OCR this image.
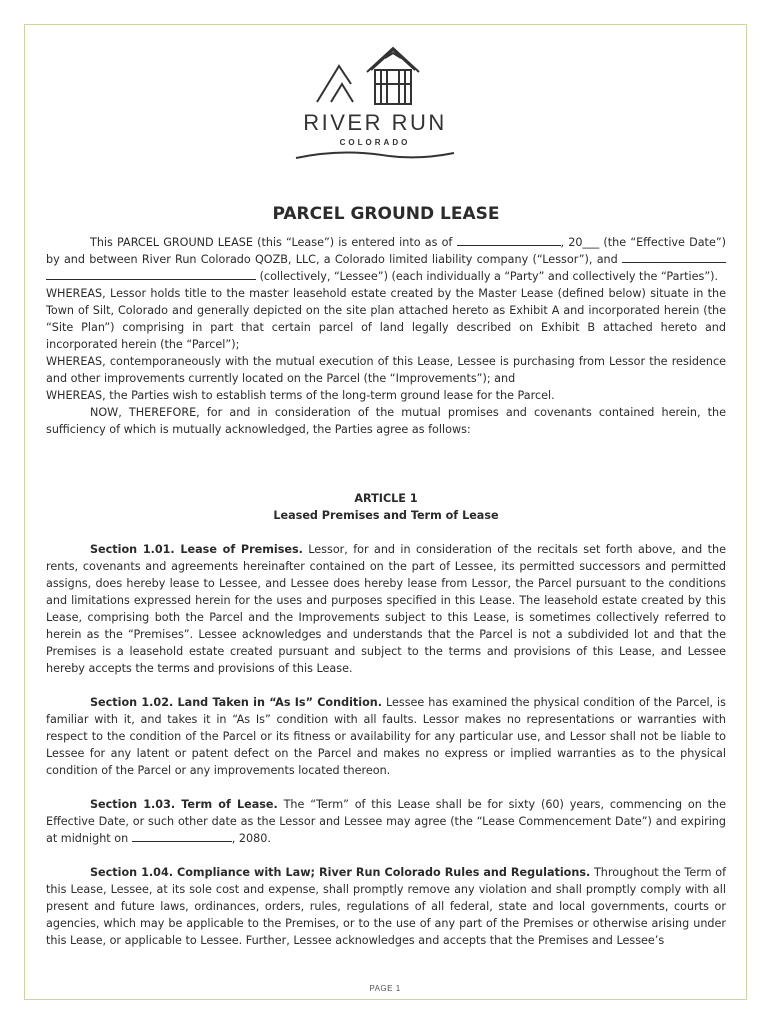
RIVER RUN
COLORADO
PARCEL GROUND LEASE

This PARCEL GROUND LEASE (this “Lease”) is entered into as of	, 20___ (the “Effective Date”) by and between River Run Colorado QOZB, LLC, a Colorado limited liability company (“Lessor”), and   (collectively, “Lessee”) (each individually a “Party” and collectively the “Parties”).

WHEREAS, Lessor holds title to the master leasehold estate created by the Master Lease (defined below) situate in the Town of Silt, Colorado and generally depicted on the site plan attached hereto as Exhibit A and incorporated herein (the “Site Plan”) comprising in part that certain parcel of land legally described on Exhibit B attached hereto and incorporated herein (the “Parcel”);

WHEREAS, contemporaneously with the mutual execution of this Lease, Lessee is purchasing from Lessor the residence and other improvements currently located on the Parcel (the “Improvements”); and

WHEREAS, the Parties wish to establish terms of the long-term ground lease for the Parcel.

NOW, THEREFORE, for and in consideration of the mutual promises and covenants contained herein, the sufficiency of which is mutually acknowledged, the Parties agree as follows:

ARTICLE 1
Leased Premises and Term of Lease

Section 1.01. Lease of Premises. Lessor, for and in consideration of the recitals set forth above, and the rents, covenants and agreements hereinafter contained on the part of Lessee, its permitted successors and permitted assigns, does hereby lease to Lessee, and Lessee does hereby lease from Lessor, the Parcel pursuant to the conditions and limitations expressed herein for the uses and purposes specified in this Lease. The leasehold estate created by this Lease, comprising both the Parcel and the Improvements subject to this Lease, is sometimes collectively referred to herein as the “Premises”. Lessee acknowledges and understands that the Parcel is not a subdivided lot and that the Premises is a leasehold estate created pursuant and subject to the terms and provisions of this Lease, and Lessee hereby accepts the terms and provisions of this Lease.

Section 1.02. Land Taken in “As Is” Condition. Lessee has examined the physical condition of the Parcel, is familiar with it, and takes it in “As Is” condition with all faults. Lessor makes no representations or warranties with respect to the condition of the Parcel or its fitness or availability for any particular use, and Lessor shall not be liable to Lessee for any latent or patent defect on the Parcel and makes no express or implied warranties as to the physical condition of the Parcel or any improvements located thereon.

Section 1.03. Term of Lease. The “Term” of this Lease shall be for sixty (60) years, commencing on the Effective Date, or such other date as the Lessor and Lessee may agree (the “Lease Commencement Date”) and expiring at midnight on	, 2080.

Section 1.04. Compliance with Law; River Run Colorado Rules and Regulations. Throughout the Term of this Lease, Lessee, at its sole cost and expense, shall promptly remove any violation and shall promptly comply with all present and future laws, ordinances, orders, rules, regulations of all federal, state and local governments, courts or agencies, which may be applicable to the Premises, or to the use of any part of the Premises or otherwise arising under this Lease, or applicable to Lessee. Further, Lessee acknowledges and accepts that the Premises and Lessee’s

PAGE 1
